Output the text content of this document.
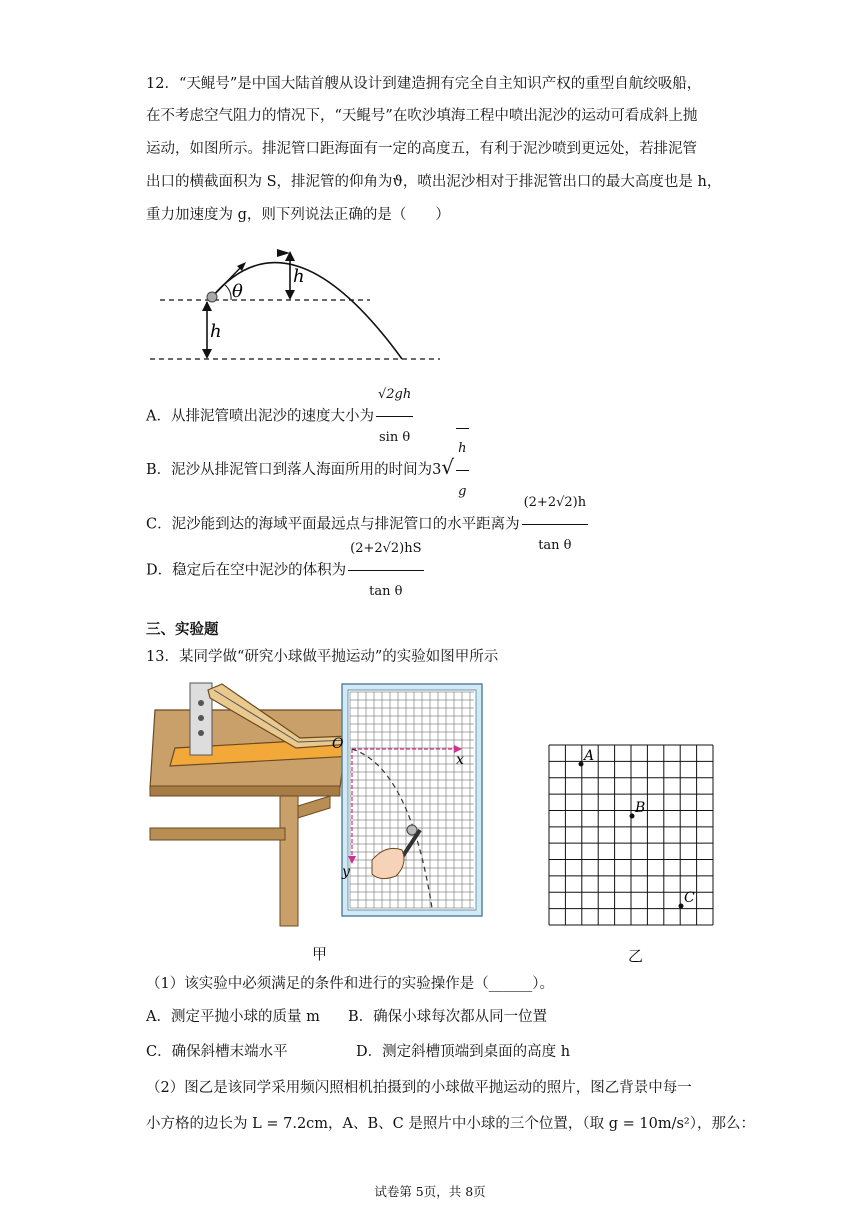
12．“天鲲号”是中国大陆首艘从设计到建造拥有完全自主知识产权的重型自航绞吸船，
在不考虑空气阻力的情况下，“天鲲号”在吹沙填海工程中喷出泥沙的运动可看成斜上抛
运动，如图所示。排泥管口距海面有一定的高度五，有利于泥沙喷到更远处，若排泥管
出口的横截面积为 S，排泥管的仰角为ϑ，喷出泥沙相对于排泥管出口的最大高度也是 h，
重力加速度为 g，则下列说法正确的是（　　）
h
h
θ
A．从排泥管喷出泥沙的速度大小为 $\frac{√2gh}{\text{sin θ}}$
B．泥沙从排泥管口到落人海面所用的时间为$3√ \frac{h}{g}$
C．泥沙能到达的海域平面最远点与排泥管口的水平距离为 $\frac{(2+2√2)h}{\text{tan θ}}$
D．稳定后在空中泥沙的体积为 $\frac{(2+2√2)hS}{\text{tan θ}}$
三、实验题
13．某同学做“研究小球做平抛运动”的实验如图甲所示
O
x
y
A
B
C
甲	乙
（1）该实验中必须满足的条件和进行的实验操作是（______）。
A．测定平抛小球的质量 m B．确保小球每次都从同一位置
C．确保斜槽末端水平	D．测定斜槽顶端到桌面的高度 h
（2）图乙是该同学采用频闪照相机拍摄到的小球做平抛运动的照片，图乙背景中每一
小方格的边长为 L = 7.2cm，A、B、C 是照片中小球的三个位置，（取 g = 10m/s²），那么：
试卷第 5页，共 8页
